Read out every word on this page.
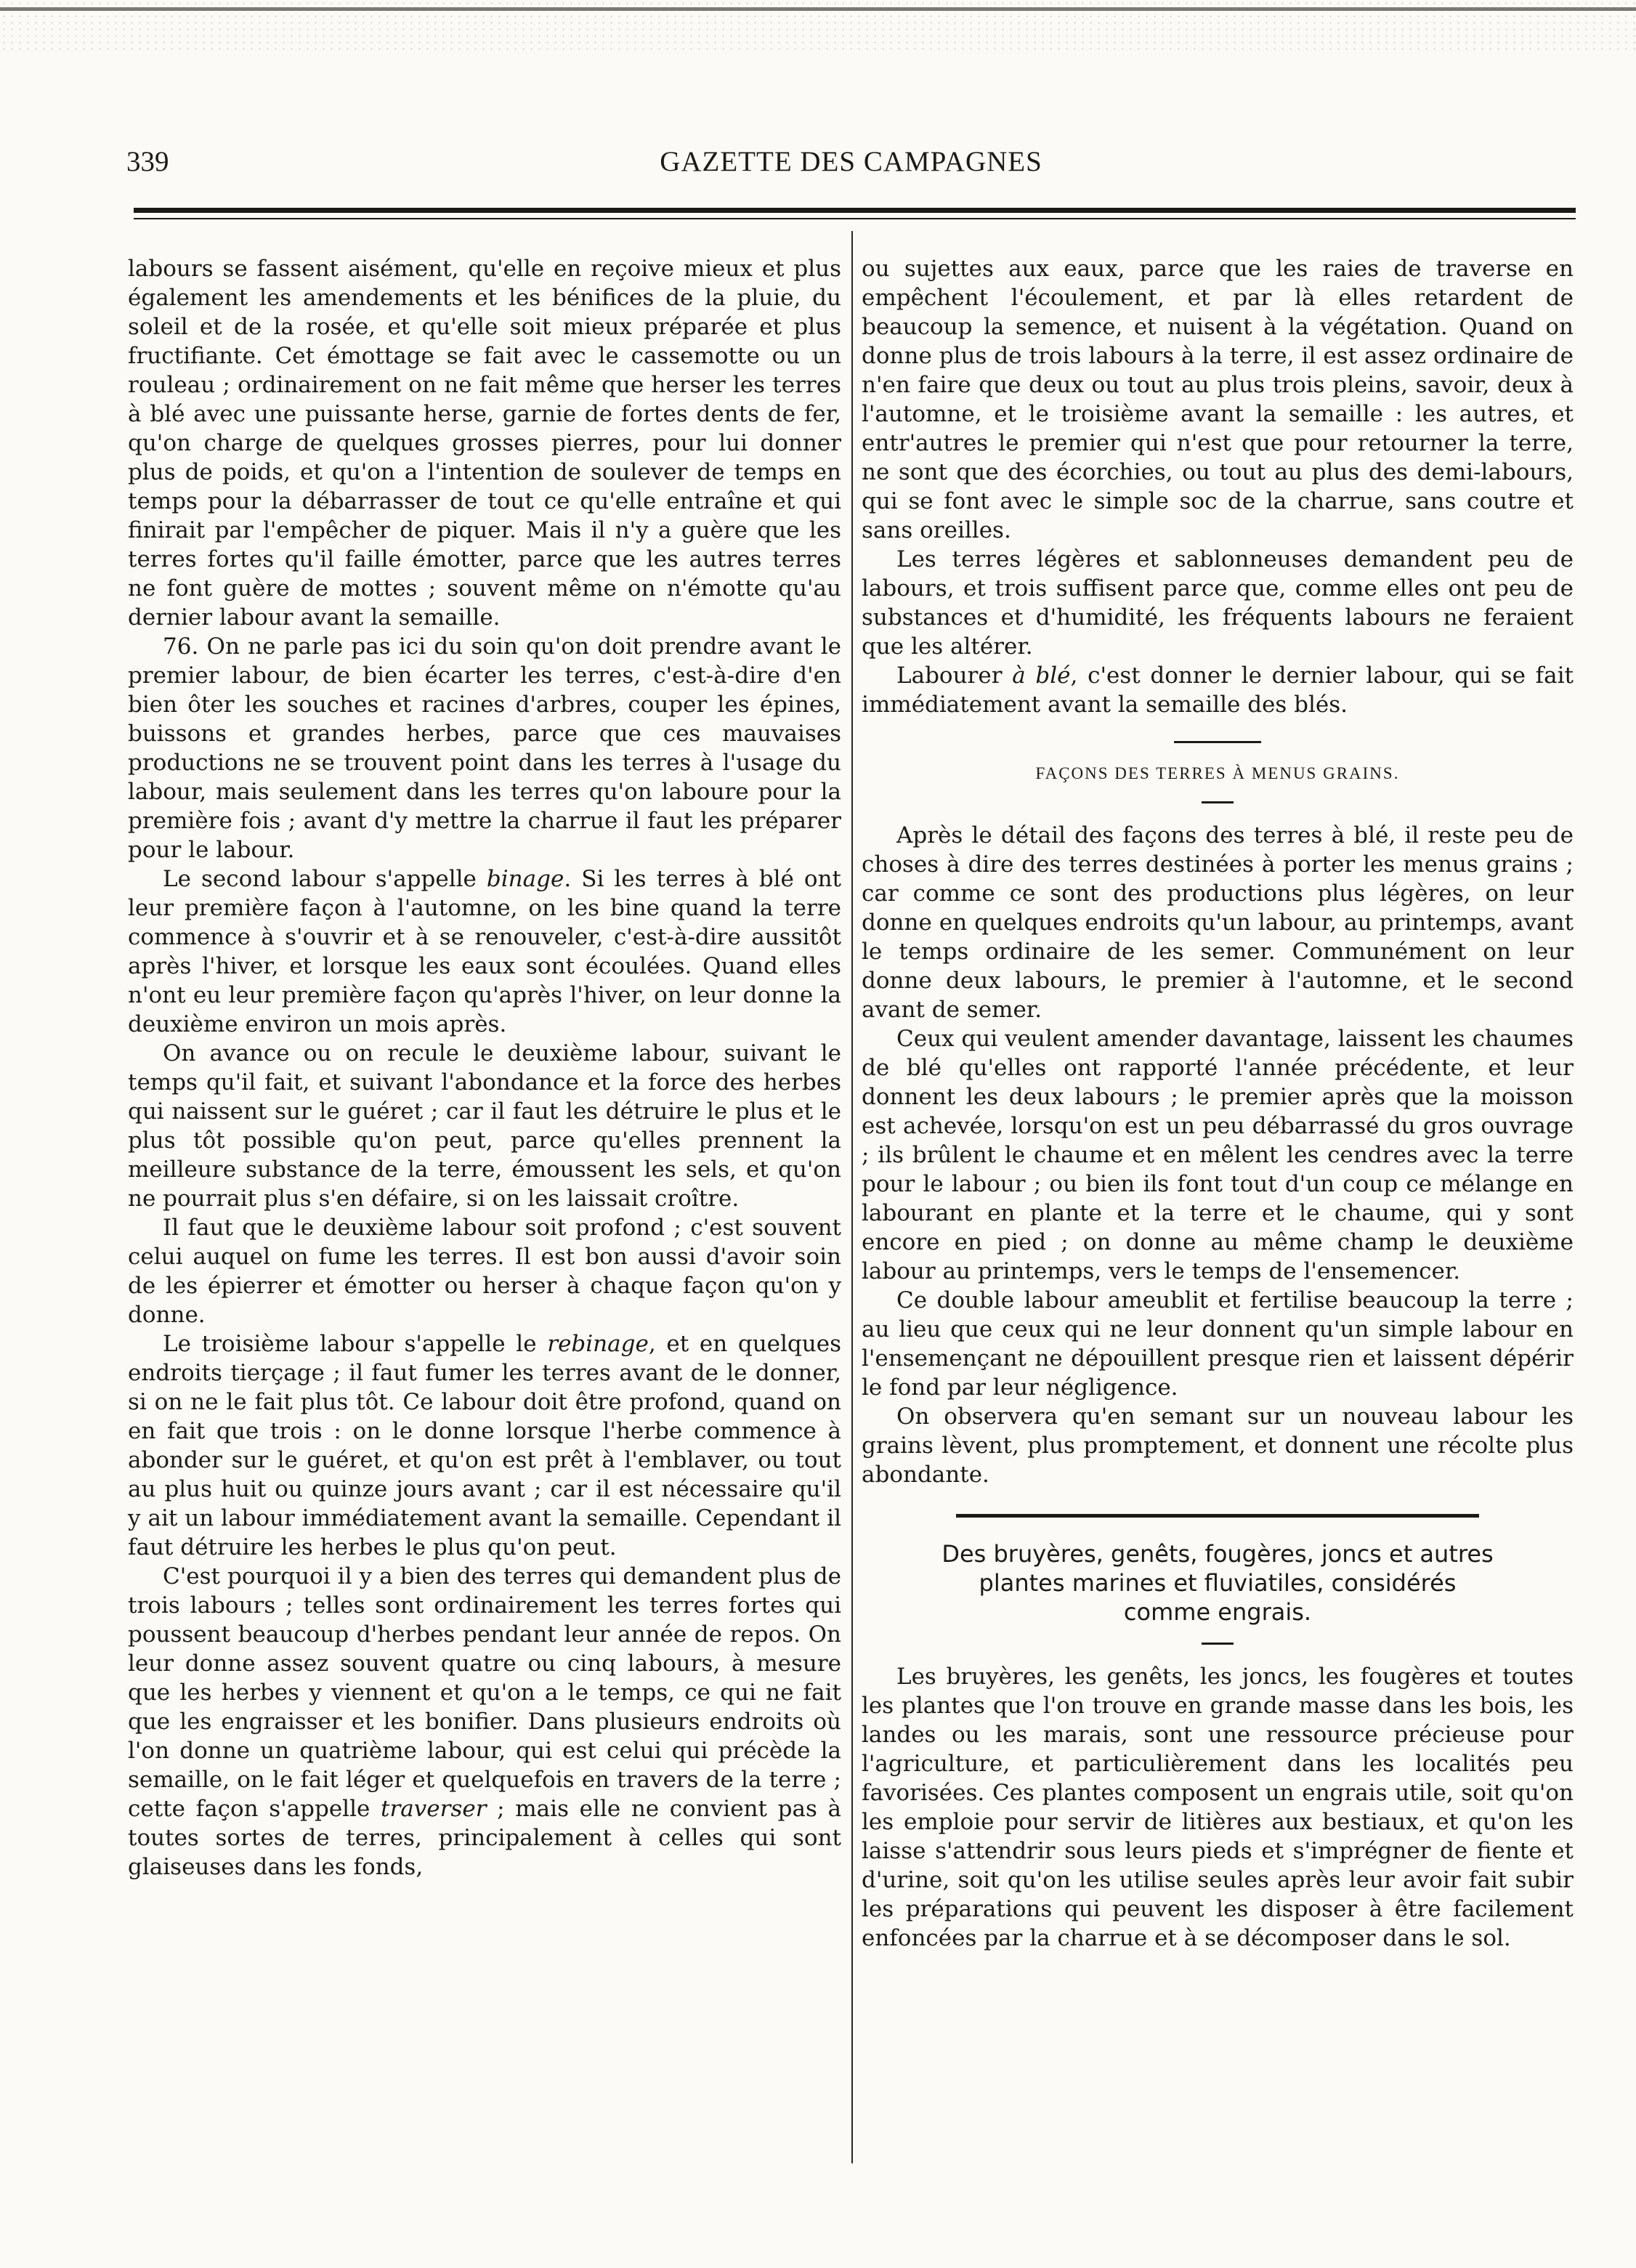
339	GAZETTE DES CAMPAGNES

labours se fassent aisément, qu'elle en reçoive mieux et plus également les amendements et les bénifices de la pluie, du soleil et de la rosée, et qu'elle soit mieux préparée et plus fructifiante. Cet émottage se fait avec le cassemotte ou un rouleau ; ordinairement on ne fait même que herser les terres à blé avec une puissante herse, garnie de fortes dents de fer, qu'on charge de quelques grosses pierres, pour lui donner plus de poids, et qu'on a l'intention de soulever de temps en temps pour la débarrasser de tout ce qu'elle entraîne et qui finirait par l'empêcher de piquer. Mais il n'y a guère que les terres fortes qu'il faille émotter, parce que les autres terres ne font guère de mottes ; souvent même on n'émotte qu'au dernier labour avant la semaille.

76. On ne parle pas ici du soin qu'on doit prendre avant le premier labour, de bien écarter les terres, c'est-à-dire d'en bien ôter les souches et racines d'arbres, couper les épines, buissons et grandes herbes, parce que ces mauvaises productions ne se trouvent point dans les terres à l'usage du labour, mais seulement dans les terres qu'on laboure pour la première fois ; avant d'y mettre la charrue il faut les préparer pour le labour.

Le second labour s'appelle binage. Si les terres à blé ont leur première façon à l'automne, on les bine quand la terre commence à s'ouvrir et à se renouveler, c'est-à-dire aussitôt après l'hiver, et lorsque les eaux sont écoulées. Quand elles n'ont eu leur première façon qu'après l'hiver, on leur donne la deuxième environ un mois après.

On avance ou on recule le deuxième labour, suivant le temps qu'il fait, et suivant l'abondance et la force des herbes qui naissent sur le guéret ; car il faut les détruire le plus et le plus tôt possible qu'on peut, parce qu'elles prennent la meilleure substance de la terre, émoussent les sels, et qu'on ne pourrait plus s'en défaire, si on les laissait croître.

Il faut que le deuxième labour soit profond ; c'est souvent celui auquel on fume les terres. Il est bon aussi d'avoir soin de les épierrer et émotter ou herser à chaque façon qu'on y donne.

Le troisième labour s'appelle le rebinage, et en quelques endroits tierçage ; il faut fumer les terres avant de le donner, si on ne le fait plus tôt. Ce labour doit être profond, quand on en fait que trois : on le donne lorsque l'herbe commence à abonder sur le guéret, et qu'on est prêt à l'emblaver, ou tout au plus huit ou quinze jours avant ; car il est nécessaire qu'il y ait un labour immédiatement avant la semaille. Cependant il faut détruire les herbes le plus qu'on peut.

C'est pourquoi il y a bien des terres qui demandent plus de trois labours ; telles sont ordinairement les terres fortes qui poussent beaucoup d'herbes pendant leur année de repos. On leur donne assez souvent quatre ou cinq labours, à mesure que les herbes y viennent et qu'on a le temps, ce qui ne fait que les engraisser et les bonifier. Dans plusieurs endroits où l'on donne un quatrième labour, qui est celui qui précède la semaille, on le fait léger et quelquefois en travers de la terre ; cette façon s'appelle traverser ; mais elle ne convient pas à toutes sortes de terres, principalement à celles qui sont glaiseuses dans les fonds,

ou sujettes aux eaux, parce que les raies de traverse en empêchent l'écoulement, et par là elles retardent de beaucoup la semence, et nuisent à la végétation. Quand on donne plus de trois labours à la terre, il est assez ordinaire de n'en faire que deux ou tout au plus trois pleins, savoir, deux à l'automne, et le troisième avant la semaille : les autres, et entr'autres le premier qui n'est que pour retourner la terre, ne sont que des écorchies, ou tout au plus des demi-labours, qui se font avec le simple soc de la charrue, sans coutre et sans oreilles.

Les terres légères et sablonneuses demandent peu de labours, et trois suffisent parce que, comme elles ont peu de substances et d'humidité, les fréquents labours ne feraient que les altérer.

Labourer à blé, c'est donner le dernier labour, qui se fait immédiatement avant la semaille des blés.

FAÇONS DES TERRES À MENUS GRAINS.

Après le détail des façons des terres à blé, il reste peu de choses à dire des terres destinées à porter les menus grains ; car comme ce sont des productions plus légères, on leur donne en quelques endroits qu'un labour, au printemps, avant le temps ordinaire de les semer. Communément on leur donne deux labours, le premier à l'automne, et le second avant de semer.

Ceux qui veulent amender davantage, laissent les chaumes de blé qu'elles ont rapporté l'année précédente, et leur donnent les deux labours ; le premier après que la moisson est achevée, lorsqu'on est un peu débarrassé du gros ouvrage ; ils brûlent le chaume et en mêlent les cendres avec la terre pour le labour ; ou bien ils font tout d'un coup ce mélange en labourant en plante et la terre et le chaume, qui y sont encore en pied ; on donne au même champ le deuxième labour au printemps, vers le temps de l'ensemencer.

Ce double labour ameublit et fertilise beaucoup la terre ; au lieu que ceux qui ne leur donnent qu'un simple labour en l'ensemençant ne dépouillent presque rien et laissent dépérir le fond par leur négligence.

On observera qu'en semant sur un nouveau labour les grains lèvent, plus promptement, et donnent une récolte plus abondante.

Des bruyères, genêts, fougères, joncs et autres

plantes marines et fluviatiles, considérés

comme engrais.

Les bruyères, les genêts, les joncs, les fougères et toutes les plantes que l'on trouve en grande masse dans les bois, les landes ou les marais, sont une ressource précieuse pour l'agriculture, et particulièrement dans les localités peu favorisées. Ces plantes composent un engrais utile, soit qu'on les emploie pour servir de litières aux bestiaux, et qu'on les laisse s'attendrir sous leurs pieds et s'imprégner de fiente et d'urine, soit qu'on les utilise seules après leur avoir fait subir les préparations qui peuvent les disposer à être facilement enfoncées par la charrue et à se décomposer dans le sol.
